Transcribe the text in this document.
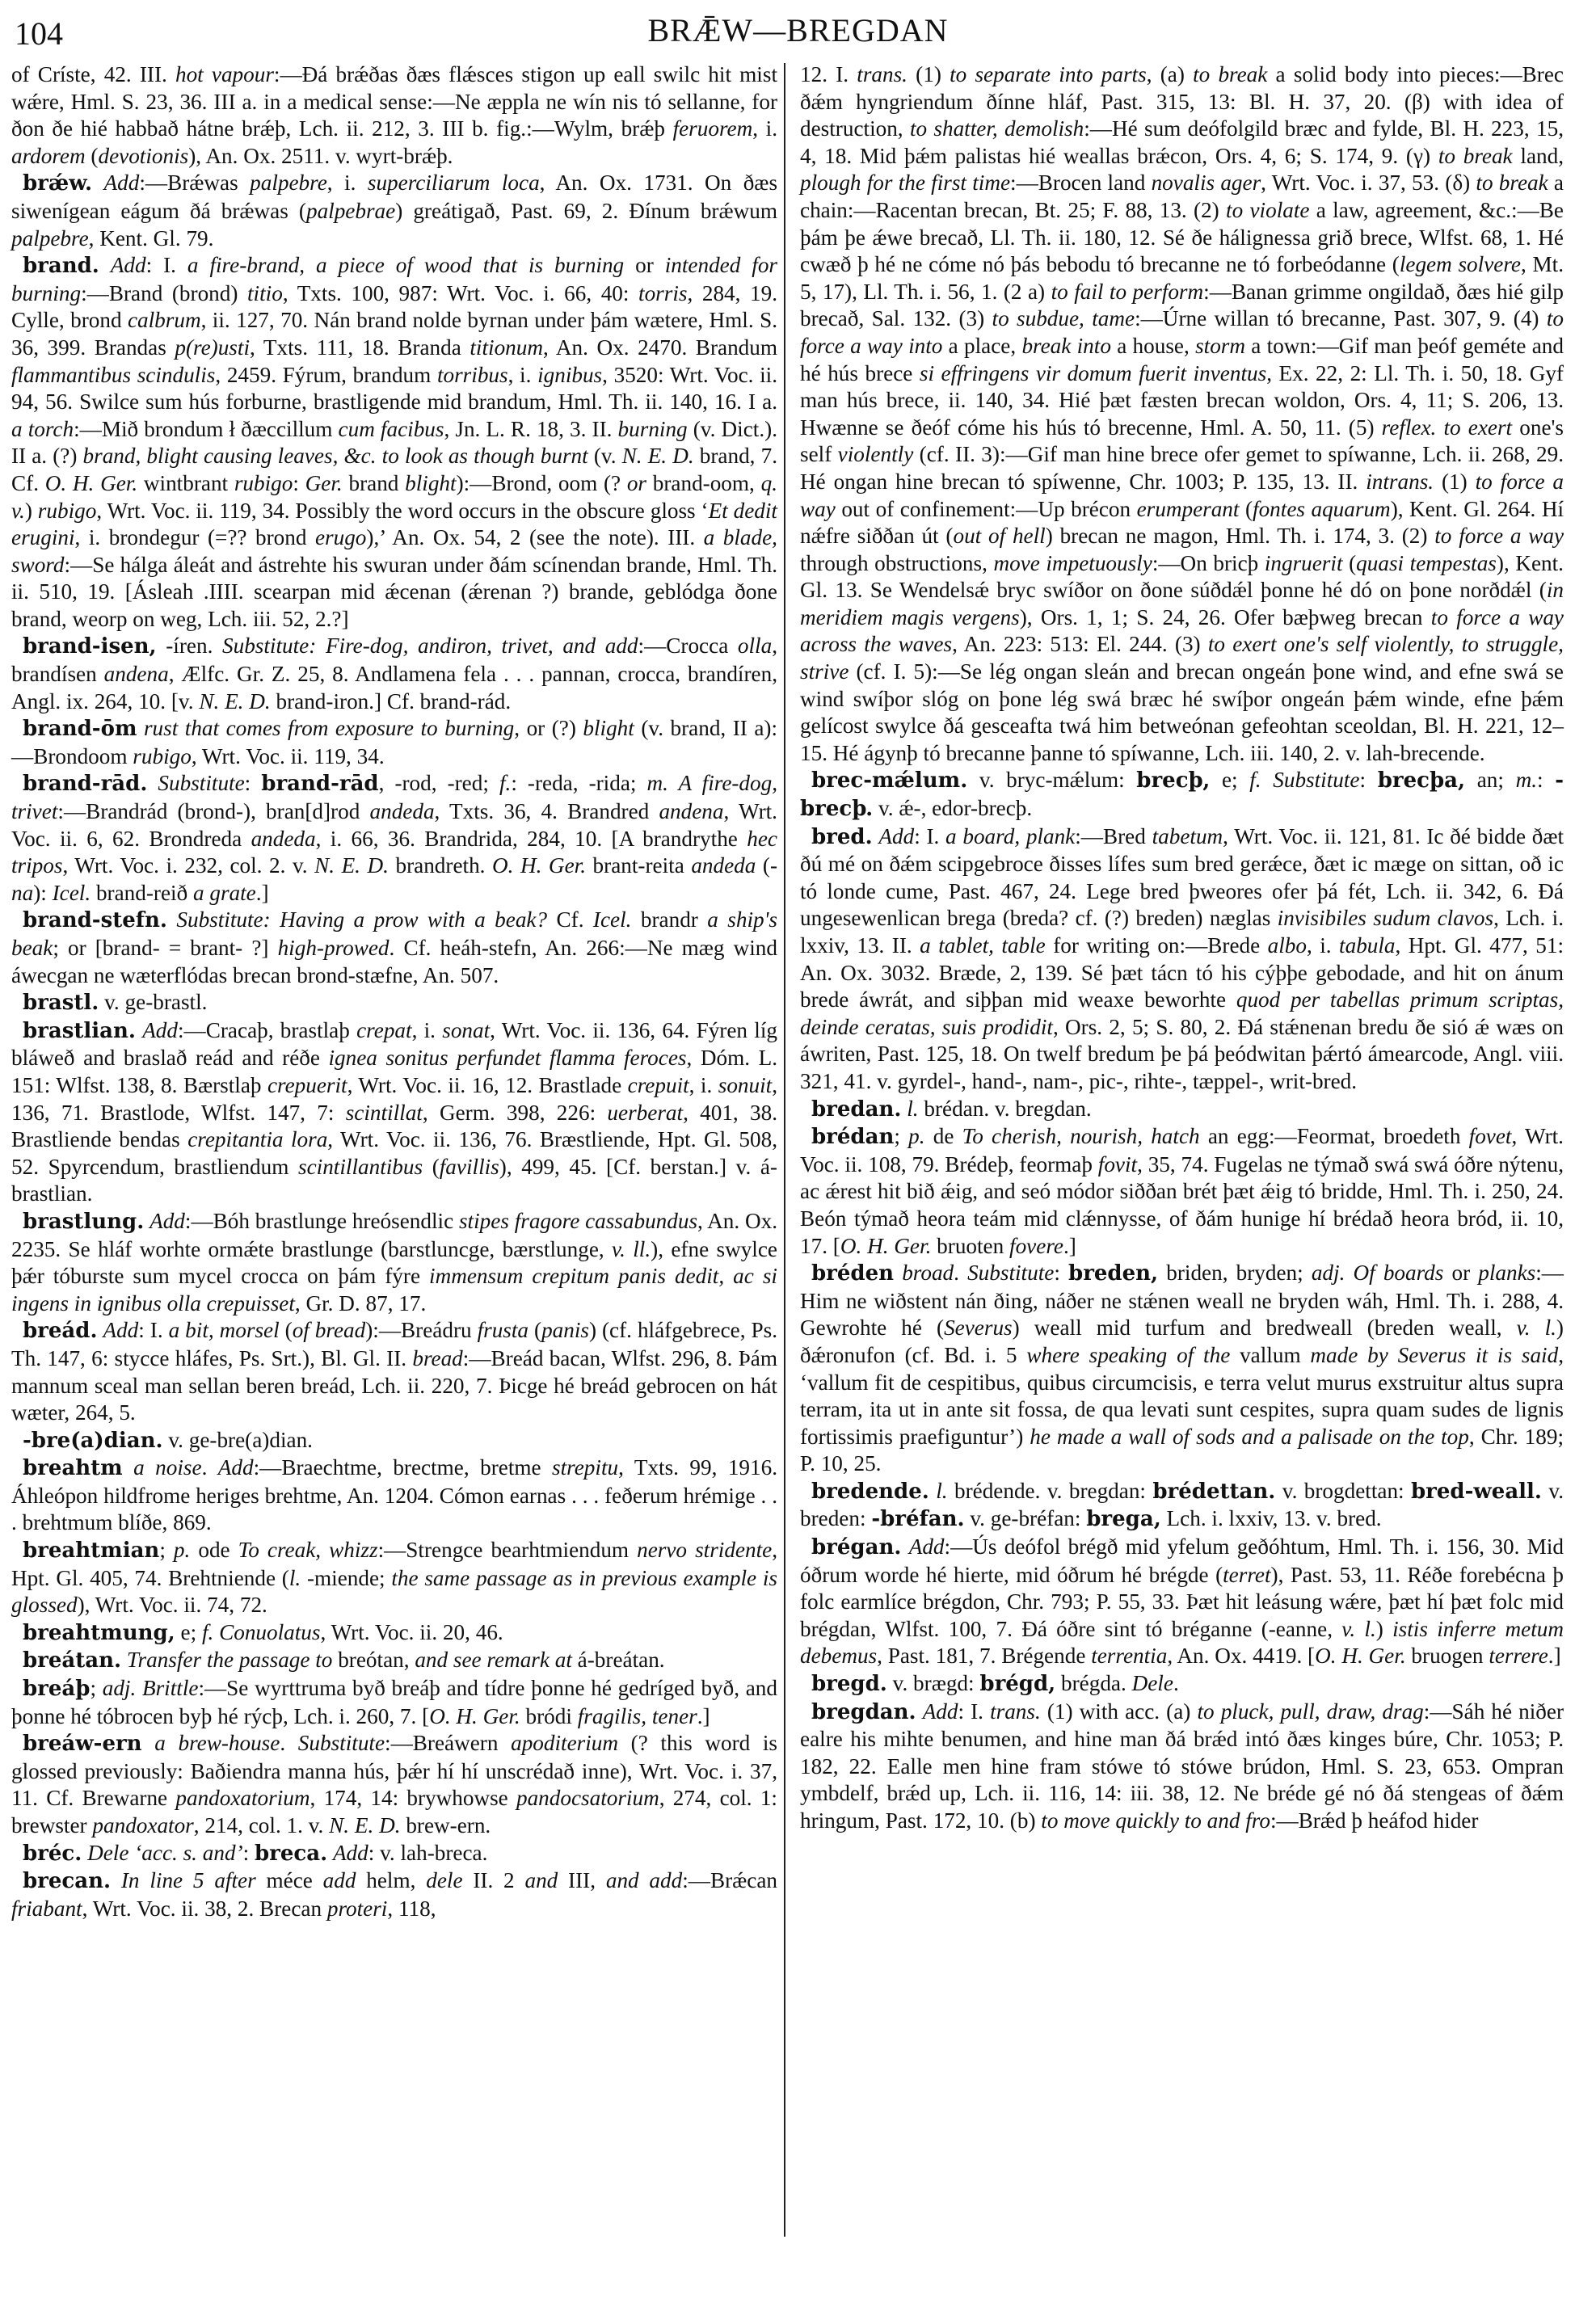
104	BRǢW—BREGDAN

of Críste, 42. III. hot vapour:—Ðá brǽðas ðæs flǽsces stigon up eall swilc hit mist wǽre, Hml. S. 23, 36. III a. in a medical sense:—Ne æppla ne wín nis tó sellanne, for ðon ðe hié habbað hátne brǽþ, Lch. ii. 212, 3. III b. fig.:—Wylm, brǽþ feruorem, i. ardorem (devotionis), An. Ox. 2511. v. wyrt-brǽþ.

brǽw. Add:—Brǽwas palpebre, i. superciliarum loca, An. Ox. 1731. On ðæs siwenígean eágum ðá brǽwas (palpebrae) greátigað, Past. 69, 2. Ðínum brǽwum palpebre, Kent. Gl. 79.

brand. Add: I. a fire-brand, a piece of wood that is burning or intended for burning:—Brand (brond) titio, Txts. 100, 987: Wrt. Voc. i. 66, 40: torris, 284, 19. Cylle, brond calbrum, ii. 127, 70. Nán brand nolde byrnan under þám wætere, Hml. S. 36, 399. Brandas p(re)usti, Txts. 111, 18. Branda titionum, An. Ox. 2470. Brandum flammantibus scindulis, 2459. Fýrum, brandum torribus, i. ignibus, 3520: Wrt. Voc. ii. 94, 56. Swilce sum hús forburne, brastligende mid brandum, Hml. Th. ii. 140, 16. I a. a torch:—Mið brondum ł ðæccillum cum facibus, Jn. L. R. 18, 3. II. burning (v. Dict.). II a. (?) brand, blight causing leaves, &c. to look as though burnt (v. N. E. D. brand, 7. Cf. O. H. Ger. wintbrant rubigo: Ger. brand blight):—Brond, oom (? or brand-oom, q. v.) rubigo, Wrt. Voc. ii. 119, 34. Possibly the word occurs in the obscure gloss ‘Et dedit erugini, i. brondegur (=?? brond erugo),’ An. Ox. 54, 2 (see the note). III. a blade, sword:—Se hálga áleát and ástrehte his swuran under ðám scínendan brande, Hml. Th. ii. 510, 19. [Ásleah .IIII. scearpan mid ǽcenan (ǽrenan ?) brande, geblódga ðone brand, weorp on weg, Lch. iii. 52, 2.?]

brand-isen, -íren. Substitute: Fire-dog, andiron, trivet, and add:—Crocca olla, brandísen andena, Ælfc. Gr. Z. 25, 8. Andlamena fela . . . pannan, crocca, brandíren, Angl. ix. 264, 10. [v. N. E. D. brand-iron.] Cf. brand-rád.

brand-ōm rust that comes from exposure to burning, or (?) blight (v. brand, II a):—Brondoom rubigo, Wrt. Voc. ii. 119, 34.

brand-rād. Substitute: brand-rād, -rod, -red; f.: -reda, -rida; m. A fire-dog, trivet:—Brandrád (brond-), bran[d]rod andeda, Txts. 36, 4. Brandred andena, Wrt. Voc. ii. 6, 62. Brondreda andeda, i. 66, 36. Brandrida, 284, 10. [A brandrythe hec tripos, Wrt. Voc. i. 232, col. 2. v. N. E. D. brandreth. O. H. Ger. brant-reita andeda (-na): Icel. brand-reið a grate.]

brand-stefn. Substitute: Having a prow with a beak? Cf. Icel. brandr a ship's beak; or [brand- = brant- ?] high-prowed. Cf. heáh-stefn, An. 266:—Ne mæg wind áwecgan ne wæterflódas brecan brond-stæfne, An. 507.

brastl. v. ge-brastl.

brastlian. Add:—Cracaþ, brastlaþ crepat, i. sonat, Wrt. Voc. ii. 136, 64. Fýren líg bláweð and braslað reád and réðe ignea sonitus perfundet flamma feroces, Dóm. L. 151: Wlfst. 138, 8. Bærstlaþ crepuerit, Wrt. Voc. ii. 16, 12. Brastlade crepuit, i. sonuit, 136, 71. Brastlode, Wlfst. 147, 7: scintillat, Germ. 398, 226: uerberat, 401, 38. Brastliende bendas crepitantia lora, Wrt. Voc. ii. 136, 76. Bræstliende, Hpt. Gl. 508, 52. Spyrcendum, brastliendum scintillantibus (favillis), 499, 45. [Cf. berstan.] v. á-brastlian.

brastlung. Add:—Bóh brastlunge hreósendlic stipes fragore cassabundus, An. Ox. 2235. Se hláf worhte ormǽte brastlunge (barstluncge, bærstlunge, v. ll.), efne swylce þǽr tóburste sum mycel crocca on þám fýre immensum crepitum panis dedit, ac si ingens in ignibus olla crepuisset, Gr. D. 87, 17.

breád. Add: I. a bit, morsel (of bread):—Breádru frusta (panis) (cf. hláfgebrece, Ps. Th. 147, 6: stycce hláfes, Ps. Srt.), Bl. Gl. II. bread:—Breád bacan, Wlfst. 296, 8. Þám mannum sceal man sellan beren breád, Lch. ii. 220, 7. Þicge hé breád gebrocen on hát wæter, 264, 5.

-bre(a)dian. v. ge-bre(a)dian.

breahtm a noise. Add:—Braechtme, brectme, bretme strepitu, Txts. 99, 1916. Áhleópon hildfrome heriges brehtme, An. 1204. Cómon earnas . . . feðerum hrémige . . . brehtmum blíðe, 869.

breahtmian; p. ode To creak, whizz:—Strengce bearhtmiendum nervo stridente, Hpt. Gl. 405, 74. Brehtniende (l. -miende; the same passage as in previous example is glossed), Wrt. Voc. ii. 74, 72.

breahtmung, e; f. Conuolatus, Wrt. Voc. ii. 20, 46.

breátan. Transfer the passage to breótan, and see remark at á-breátan.

breáþ; adj. Brittle:—Se wyrttruma byð breáþ and tídre þonne hé gedríged byð, and þonne hé tóbrocen byþ hé rýcþ, Lch. i. 260, 7. [O. H. Ger. bródi fragilis, tener.]

breáw-ern a brew-house. Substitute:—Breáwern apoditerium (? this word is glossed previously: Baðiendra manna hús, þǽr hí hí unscrédað inne), Wrt. Voc. i. 37, 11. Cf. Brewarne pandoxatorium, 174, 14: brywhowse pandocsatorium, 274, col. 1: brewster pandoxator, 214, col. 1. v. N. E. D. brew-ern.

bréc. Dele ‘acc. s. and’: breca. Add: v. lah-breca.

brecan. In line 5 after méce add helm, dele II. 2 and III, and add:—Brǽcan friabant, Wrt. Voc. ii. 38, 2. Brecan proteri, 118,

12. I. trans. (1) to separate into parts, (a) to break a solid body into pieces:—Brec ðǽm hyngriendum ðínne hláf, Past. 315, 13: Bl. H. 37, 20. (β) with idea of destruction, to shatter, demolish:—Hé sum deófolgild bræc and fylde, Bl. H. 223, 15, 4, 18. Mid þǽm palistas hié weallas brǽcon, Ors. 4, 6; S. 174, 9. (γ) to break land, plough for the first time:—Brocen land novalis ager, Wrt. Voc. i. 37, 53. (δ) to break a chain:—Racentan brecan, Bt. 25; F. 88, 13. (2) to violate a law, agreement, &c.:—Be þám þe ǽwe brecað, Ll. Th. ii. 180, 12. Sé ðe hálignessa grið brece, Wlfst. 68, 1. Hé cwæð þ hé ne cóme nó þás bebodu tó brecanne ne tó forbeódanne (legem solvere, Mt. 5, 17), Ll. Th. i. 56, 1. (2 a) to fail to perform:—Banan grimme ongildað, ðæs hié gilp brecað, Sal. 132. (3) to subdue, tame:—Úrne willan tó brecanne, Past. 307, 9. (4) to force a way into a place, break into a house, storm a town:—Gif man þeóf geméte and hé hús brece si effringens vir domum fuerit inventus, Ex. 22, 2: Ll. Th. i. 50, 18. Gyf man hús brece, ii. 140, 34. Hié þæt fæsten brecan woldon, Ors. 4, 11; S. 206, 13. Hwænne se ðeóf cóme his hús tó brecenne, Hml. A. 50, 11. (5) reflex. to exert one's self violently (cf. II. 3):—Gif man hine brece ofer gemet to spíwanne, Lch. ii. 268, 29. Hé ongan hine brecan tó spíwenne, Chr. 1003; P. 135, 13. II. intrans. (1) to force a way out of confinement:—Up brécon erumperant (fontes aquarum), Kent. Gl. 264. Hí nǽfre siððan út (out of hell) brecan ne magon, Hml. Th. i. 174, 3. (2) to force a way through obstructions, move impetuously:—On bricþ ingruerit (quasi tempestas), Kent. Gl. 13. Se Wendelsǽ bryc swíðor on ðone súðdǽl þonne hé dó on þone norðdǽl (in meridiem magis vergens), Ors. 1, 1; S. 24, 26. Ofer bæþweg brecan to force a way across the waves, An. 223: 513: El. 244. (3) to exert one's self violently, to struggle, strive (cf. I. 5):—Se lég ongan sleán and brecan ongeán þone wind, and efne swá se wind swíþor slóg on þone lég swá bræc hé swíþor ongeán þǽm winde, efne þǽm gelícost swylce ðá gesceafta twá him betweónan gefeohtan sceoldan, Bl. H. 221, 12–15. Hé ágynþ tó brecanne þanne tó spíwanne, Lch. iii. 140, 2. v. lah-brecende.

brec-mǽlum. v. bryc-mǽlum: brecþ, e; f. Substitute: brecþa, an; m.: -brecþ. v. ǽ-, edor-brecþ.

bred. Add: I. a board, plank:—Bred tabetum, Wrt. Voc. ii. 121, 81. Ic ðé bidde ðæt ðú mé on ðǽm scipgebroce ðisses lífes sum bred gerǽce, ðæt ic mæge on sittan, oð ic tó londe cume, Past. 467, 24. Lege bred þweores ofer þá fét, Lch. ii. 342, 6. Ðá ungesewenlican brega (breda? cf. (?) breden) næglas invisibiles sudum clavos, Lch. i. lxxiv, 13. II. a tablet, table for writing on:—Brede albo, i. tabula, Hpt. Gl. 477, 51: An. Ox. 3032. Bræde, 2, 139. Sé þæt tácn tó his cýþþe gebodade, and hit on ánum brede áwrát, and siþþan mid weaxe beworhte quod per tabellas primum scriptas, deinde ceratas, suis prodidit, Ors. 2, 5; S. 80, 2. Ðá stǽnenan bredu ðe sió ǽ wæs on áwriten, Past. 125, 18. On twelf bredum þe þá þeódwitan þǽrtó ámearcode, Angl. viii. 321, 41. v. gyrdel-, hand-, nam-, pic-, rihte-, tæppel-, writ-bred.

bredan. l. brédan. v. bregdan.

brédan; p. de To cherish, nourish, hatch an egg:—Feormat, broedeth fovet, Wrt. Voc. ii. 108, 79. Brédeþ, feormaþ fovit, 35, 74. Fugelas ne týmað swá swá óðre nýtenu, ac ǽrest hit bið ǽig, and seó módor siððan brét þæt ǽig tó bridde, Hml. Th. i. 250, 24. Beón týmað heora teám mid clǽnnysse, of ðám hunige hí brédað heora bród, ii. 10, 17. [O. H. Ger. bruoten fovere.]

bréden broad. Substitute: breden, briden, bryden; adj. Of boards or planks:—Him ne wiðstent nán ðing, náðer ne stǽnen weall ne bryden wáh, Hml. Th. i. 288, 4. Gewrohte hé (Severus) weall mid turfum and bredweall (breden weall, v. l.) ðǽronufon (cf. Bd. i. 5 where speaking of the vallum made by Severus it is said, ‘vallum fit de cespitibus, quibus circumcisis, e terra velut murus exstruitur altus supra terram, ita ut in ante sit fossa, de qua levati sunt cespites, supra quam sudes de lignis fortissimis praefiguntur’) he made a wall of sods and a palisade on the top, Chr. 189; P. 10, 25.

bredende. l. brédende. v. bregdan: brédettan. v. brogdettan: bred-weall. v. breden: -bréfan. v. ge-bréfan: brega, Lch. i. lxxiv, 13. v. bred.

brégan. Add:—Ús deófol brégð mid yfelum geðóhtum, Hml. Th. i. 156, 30. Mid óðrum worde hé hierte, mid óðrum hé brégde (terret), Past. 53, 11. Réðe forebécna þ folc earmlíce brégdon, Chr. 793; P. 55, 33. Þæt hit leásung wǽre, þæt hí þæt folc mid brégdan, Wlfst. 100, 7. Ðá óðre sint tó bréganne (-eanne, v. l.) istis inferre metum debemus, Past. 181, 7. Brégende terrentia, An. Ox. 4419. [O. H. Ger. bruogen terrere.]

bregd. v. brægd: brégd, brégda. Dele.

bregdan. Add: I. trans. (1) with acc. (a) to pluck, pull, draw, drag:—Sáh hé niðer ealre his mihte benumen, and hine man ðá brǽd intó ðæs kinges búre, Chr. 1053; P. 182, 22. Ealle men hine fram stówe tó stówe brúdon, Hml. S. 23, 653. Ompran ymbdelf, brǽd up, Lch. ii. 116, 14: iii. 38, 12. Ne bréde gé nó ðá stengeas of ðǽm hringum, Past. 172, 10. (b) to move quickly to and fro:—Brǽd þ heáfod hider
